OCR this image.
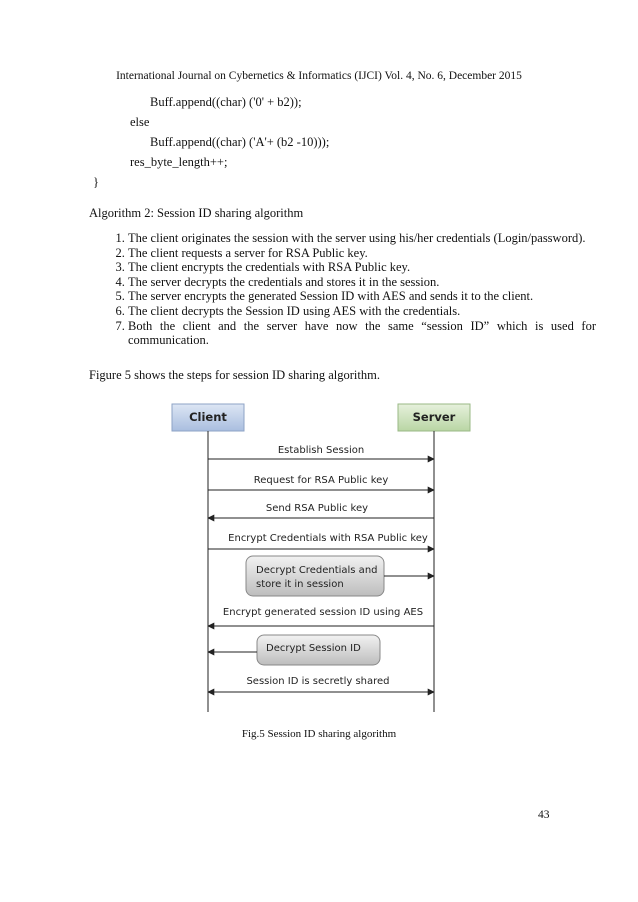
International Journal on Cybernetics & Informatics (IJCI) Vol. 4, No. 6, December 2015
Buff.append((char) ('0' + b2));
else
Buff.append((char) ('A'+ (b2 -10)));
res_byte_length++;
}
Algorithm 2: Session ID sharing algorithm
1. The client originates the session with the server using his/her credentials (Login/password).
2. The client requests a server for RSA Public key.
3. The client encrypts the credentials with RSA Public key.
4. The server decrypts the credentials and stores it in the session.
5. The server encrypts the generated Session ID with AES and sends it to the client.
6. The client decrypts the Session ID using AES with the credentials.
7. Both the client and the server have now the same “session ID” which is used for communication.
Figure 5 shows the steps for session ID sharing algorithm.
Client	Server
Establish Session
Request for RSA Public key
Send RSA Public key
Encrypt Credentials with RSA Public key
Decrypt Credentials and
store it in session
Encrypt generated session ID using AES
Decrypt Session ID
Session ID is secretly shared
Fig.5 Session ID sharing algorithm
43
